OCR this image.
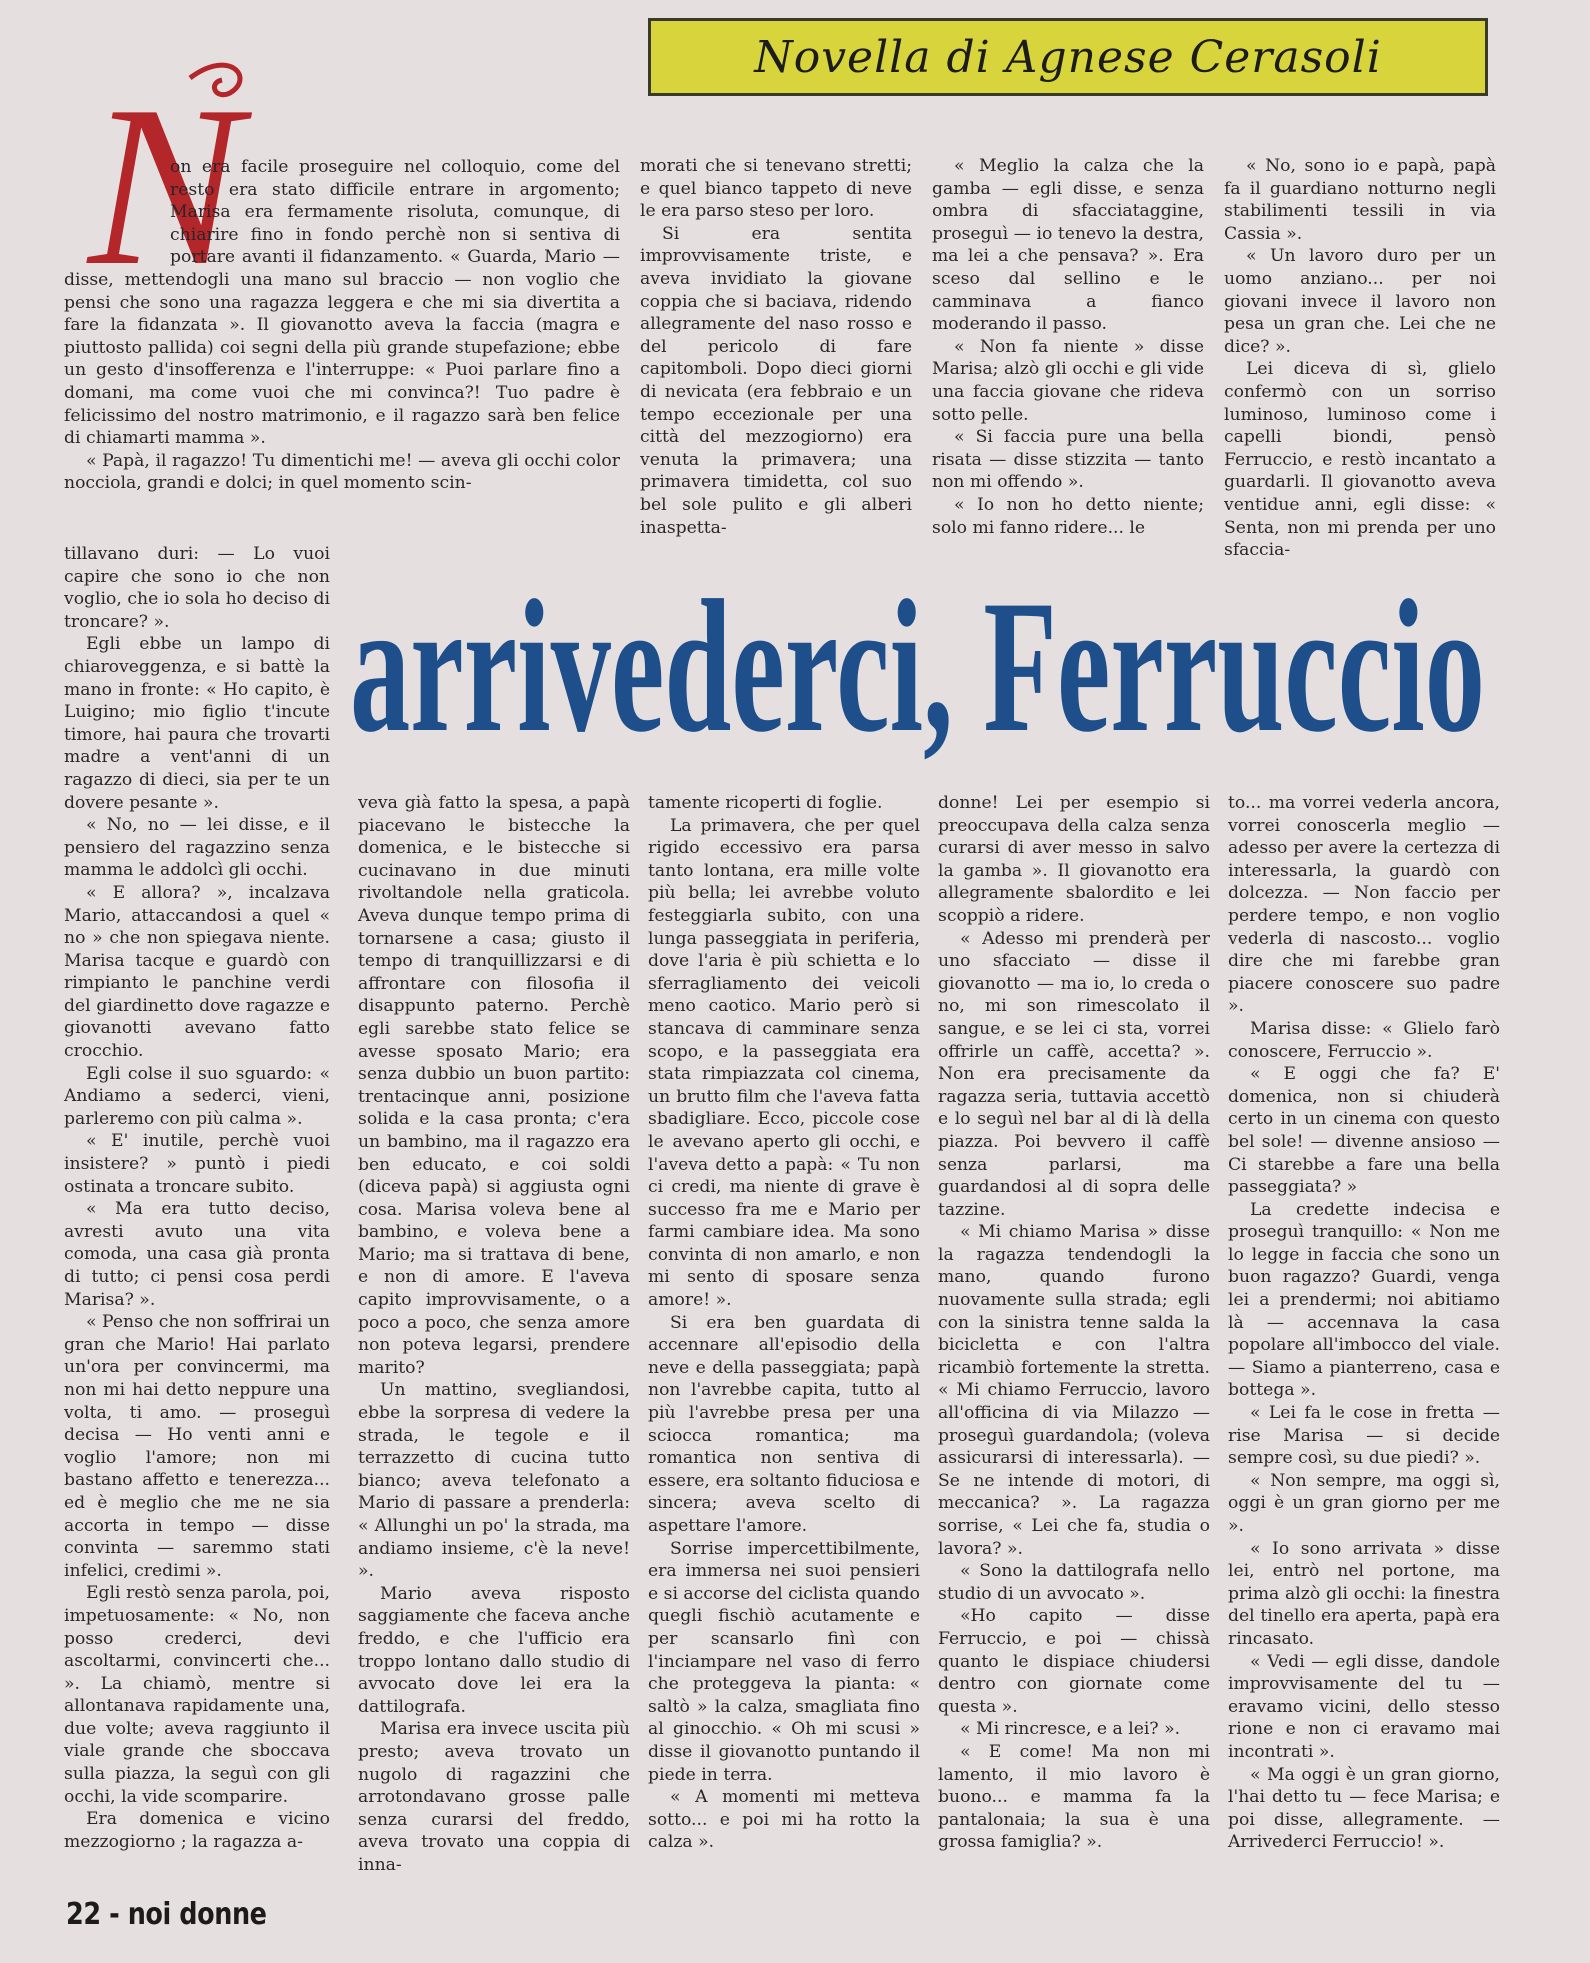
Novella di Agnese Cerasoli
N
arrivederci, Ferruccio

on era facile proseguire nel colloquio, come del resto era stato difficile entrare in argomento; Marisa era fermamente risoluta, comunque, di chiarire fino in fondo perchè non si sentiva di portare avanti il fidanzamento. « Guarda, Mario — disse, mettendogli una mano sul braccio — non voglio che pensi che sono una ragazza leggera e che mi sia divertita a fare la fidanzata ». Il giovanotto aveva la faccia (magra e piuttosto pallida) coi segni della più grande stupefazione; ebbe un gesto d'insofferenza e l'interruppe: « Puoi parlare fino a domani, ma come vuoi che mi convinca?! Tuo padre è felicissimo del nostro matrimonio, e il ragazzo sarà ben felice di chiamarti mamma ».

« Papà, il ragazzo! Tu dimentichi me! — aveva gli occhi color nocciola, grandi e dolci; in quel momento scin-

morati che si tenevano stretti; e quel bianco tappeto di neve le era parso steso per loro.

Si era sentita improvvisamente triste, e aveva invidiato la giovane coppia che si baciava, ridendo allegramente del naso rosso e del pericolo di fare capitomboli. Dopo dieci giorni di nevicata (era febbraio e un tempo eccezionale per una città del mezzogiorno) era venuta la primavera; una primavera timidetta, col suo bel sole pulito e gli alberi inaspetta-

« Meglio la calza che la gamba — egli disse, e senza ombra di sfacciataggine, proseguì — io tenevo la destra, ma lei a che pensava? ». Era sceso dal sellino e le camminava a fianco moderando il passo.

« Non fa niente » disse Marisa; alzò gli occhi e gli vide una faccia giovane che rideva sotto pelle.

« Si faccia pure una bella risata — disse stizzita — tanto non mi offendo ».

« Io non ho detto niente; solo mi fanno ridere... le

« No, sono io e papà, papà fa il guardiano notturno negli stabilimenti tessili in via Cassia ».

« Un lavoro duro per un uomo anziano... per noi giovani invece il lavoro non pesa un gran che. Lei che ne dice? ».

Lei diceva di sì, glielo confermò con un sorriso luminoso, luminoso come i capelli biondi, pensò Ferruccio, e restò incantato a guardarli. Il giovanotto aveva ventidue anni, egli disse: « Senta, non mi prenda per uno sfaccia-

tillavano duri: — Lo vuoi capire che sono io che non voglio, che io sola ho deciso di troncare? ».

Egli ebbe un lampo di chiaroveggenza, e si battè la mano in fronte: « Ho capito, è Luigino; mio figlio t'incute timore, hai paura che trovarti madre a vent'anni di un ragazzo di dieci, sia per te un dovere pesante ».

« No, no — lei disse, e il pensiero del ragazzino senza mamma le addolcì gli occhi.

« E allora? », incalzava Mario, attaccandosi a quel « no » che non spiegava niente. Marisa tacque e guardò con rimpianto le panchine verdi del giardinetto dove ragazze e giovanotti avevano fatto crocchio.

Egli colse il suo sguardo: « Andiamo a sederci, vieni, parleremo con più calma ».

« E' inutile, perchè vuoi insistere? » puntò i piedi ostinata a troncare subito.

« Ma era tutto deciso, avresti avuto una vita comoda, una casa già pronta di tutto; ci pensi cosa perdi Marisa? ».

« Penso che non soffrirai un gran che Mario! Hai parlato un'ora per convincermi, ma non mi hai detto neppure una volta, ti amo. — proseguì decisa — Ho venti anni e voglio l'amore; non mi bastano affetto e tenerezza... ed è meglio che me ne sia accorta in tempo — disse convinta — saremmo stati infelici, credimi ».

Egli restò senza parola, poi, impetuosamente: « No, non posso crederci, devi ascoltarmi, convincerti che... ». La chiamò, mentre si allontanava rapidamente una, due volte; aveva raggiunto il viale grande che sboccava sulla piazza, la seguì con gli occhi, la vide scomparire.

Era domenica e vicino mezzogiorno ; la ragazza a-

veva già fatto la spesa, a papà piacevano le bistecche la domenica, e le bistecche si cucinavano in due minuti rivoltandole nella graticola. Aveva dunque tempo prima di tornarsene a casa; giusto il tempo di tranquillizzarsi e di affrontare con filosofia il disappunto paterno. Perchè egli sarebbe stato felice se avesse sposato Mario; era senza dubbio un buon partito: trentacinque anni, posizione solida e la casa pronta; c'era un bambino, ma il ragazzo era ben educato, e coi soldi (diceva papà) si aggiusta ogni cosa. Marisa voleva bene al bambino, e voleva bene a Mario; ma si trattava di bene, e non di amore. E l'aveva capito improvvisamente, o a poco a poco, che senza amore non poteva legarsi, prendere marito?

Un mattino, svegliandosi, ebbe la sorpresa di vedere la strada, le tegole e il terrazzetto di cucina tutto bianco; aveva telefonato a Mario di passare a prenderla: « Allunghi un po' la strada, ma andiamo insieme, c'è la neve! ».

Mario aveva risposto saggiamente che faceva anche freddo, e che l'ufficio era troppo lontano dallo studio di avvocato dove lei era la dattilografa.

Marisa era invece uscita più presto; aveva trovato un nugolo di ragazzini che arrotondavano grosse palle senza curarsi del freddo, aveva trovato una coppia di inna-

tamente ricoperti di foglie.

La primavera, che per quel rigido eccessivo era parsa tanto lontana, era mille volte più bella; lei avrebbe voluto festeggiarla subito, con una lunga passeggiata in periferia, dove l'aria è più schietta e lo sferragliamento dei veicoli meno caotico. Mario però si stancava di camminare senza scopo, e la passeggiata era stata rimpiazzata col cinema, un brutto film che l'aveva fatta sbadigliare. Ecco, piccole cose le avevano aperto gli occhi, e l'aveva detto a papà: « Tu non ci credi, ma niente di grave è successo fra me e Mario per farmi cambiare idea. Ma sono convinta di non amarlo, e non mi sento di sposare senza amore! ».

Si era ben guardata di accennare all'episodio della neve e della passeggiata; papà non l'avrebbe capita, tutto al più l'avrebbe presa per una sciocca romantica; ma romantica non sentiva di essere, era soltanto fiduciosa e sincera; aveva scelto di aspettare l'amore.

Sorrise impercettibilmente, era immersa nei suoi pensieri e si accorse del ciclista quando quegli fischiò acutamente e per scansarlo finì con l'inciampare nel vaso di ferro che proteggeva la pianta: « saltò » la calza, smagliata fino al ginocchio. « Oh mi scusi » disse il giovanotto puntando il piede in terra.

« A momenti mi metteva sotto... e poi mi ha rotto la calza ».

donne! Lei per esempio si preoccupava della calza senza curarsi di aver messo in salvo la gamba ». Il giovanotto era allegramente sbalordito e lei scoppiò a ridere.

« Adesso mi prenderà per uno sfacciato — disse il giovanotto — ma io, lo creda o no, mi son rimescolato il sangue, e se lei ci sta, vorrei offrirle un caffè, accetta? ». Non era precisamente da ragazza seria, tuttavia accettò e lo seguì nel bar al di là della piazza. Poi bevvero il caffè senza parlarsi, ma guardandosi al di sopra delle tazzine.

« Mi chiamo Marisa » disse la ragazza tendendogli la mano, quando furono nuovamente sulla strada; egli con la sinistra tenne salda la bicicletta e con l'altra ricambiò fortemente la stretta. « Mi chiamo Ferruccio, lavoro all'officina di via Milazzo — proseguì guardandola; (voleva assicurarsi di interessarla). — Se ne intende di motori, di meccanica? ». La ragazza sorrise, « Lei che fa, studia o lavora? ».

« Sono la dattilografa nello studio di un avvocato ».

«Ho capito — disse Ferruccio, e poi — chissà quanto le dispiace chiudersi dentro con giornate come questa ».

« Mi rincresce, e a lei? ».

« E come! Ma non mi lamento, il mio lavoro è buono... e mamma fa la pantalonaia; la sua è una grossa famiglia? ».

to... ma vorrei vederla ancora, vorrei conoscerla meglio — adesso per avere la certezza di interessarla, la guardò con dolcezza. — Non faccio per perdere tempo, e non voglio vederla di nascosto... voglio dire che mi farebbe gran piacere conoscere suo padre ».

Marisa disse: « Glielo farò conoscere, Ferruccio ».

« E oggi che fa? E' domenica, non si chiuderà certo in un cinema con questo bel sole! — divenne ansioso — Ci starebbe a fare una bella passeggiata? »

La credette indecisa e proseguì tranquillo: « Non me lo legge in faccia che sono un buon ragazzo? Guardi, venga lei a prendermi; noi abitiamo là — accennava la casa popolare all'imbocco del viale. — Siamo a pianterreno, casa e bottega ».

« Lei fa le cose in fretta — rise Marisa — si decide sempre così, su due piedi? ».

« Non sempre, ma oggi sì, oggi è un gran giorno per me ».

« Io sono arrivata » disse lei, entrò nel portone, ma prima alzò gli occhi: la finestra del tinello era aperta, papà era rincasato.

« Vedi — egli disse, dandole improvvisamente del tu — eravamo vicini, dello stesso rione e non ci eravamo mai incontrati ».

« Ma oggi è un gran giorno, l'hai detto tu — fece Marisa; e poi disse, allegramente. — Arrivederci Ferruccio! ».

22 - noi donne
